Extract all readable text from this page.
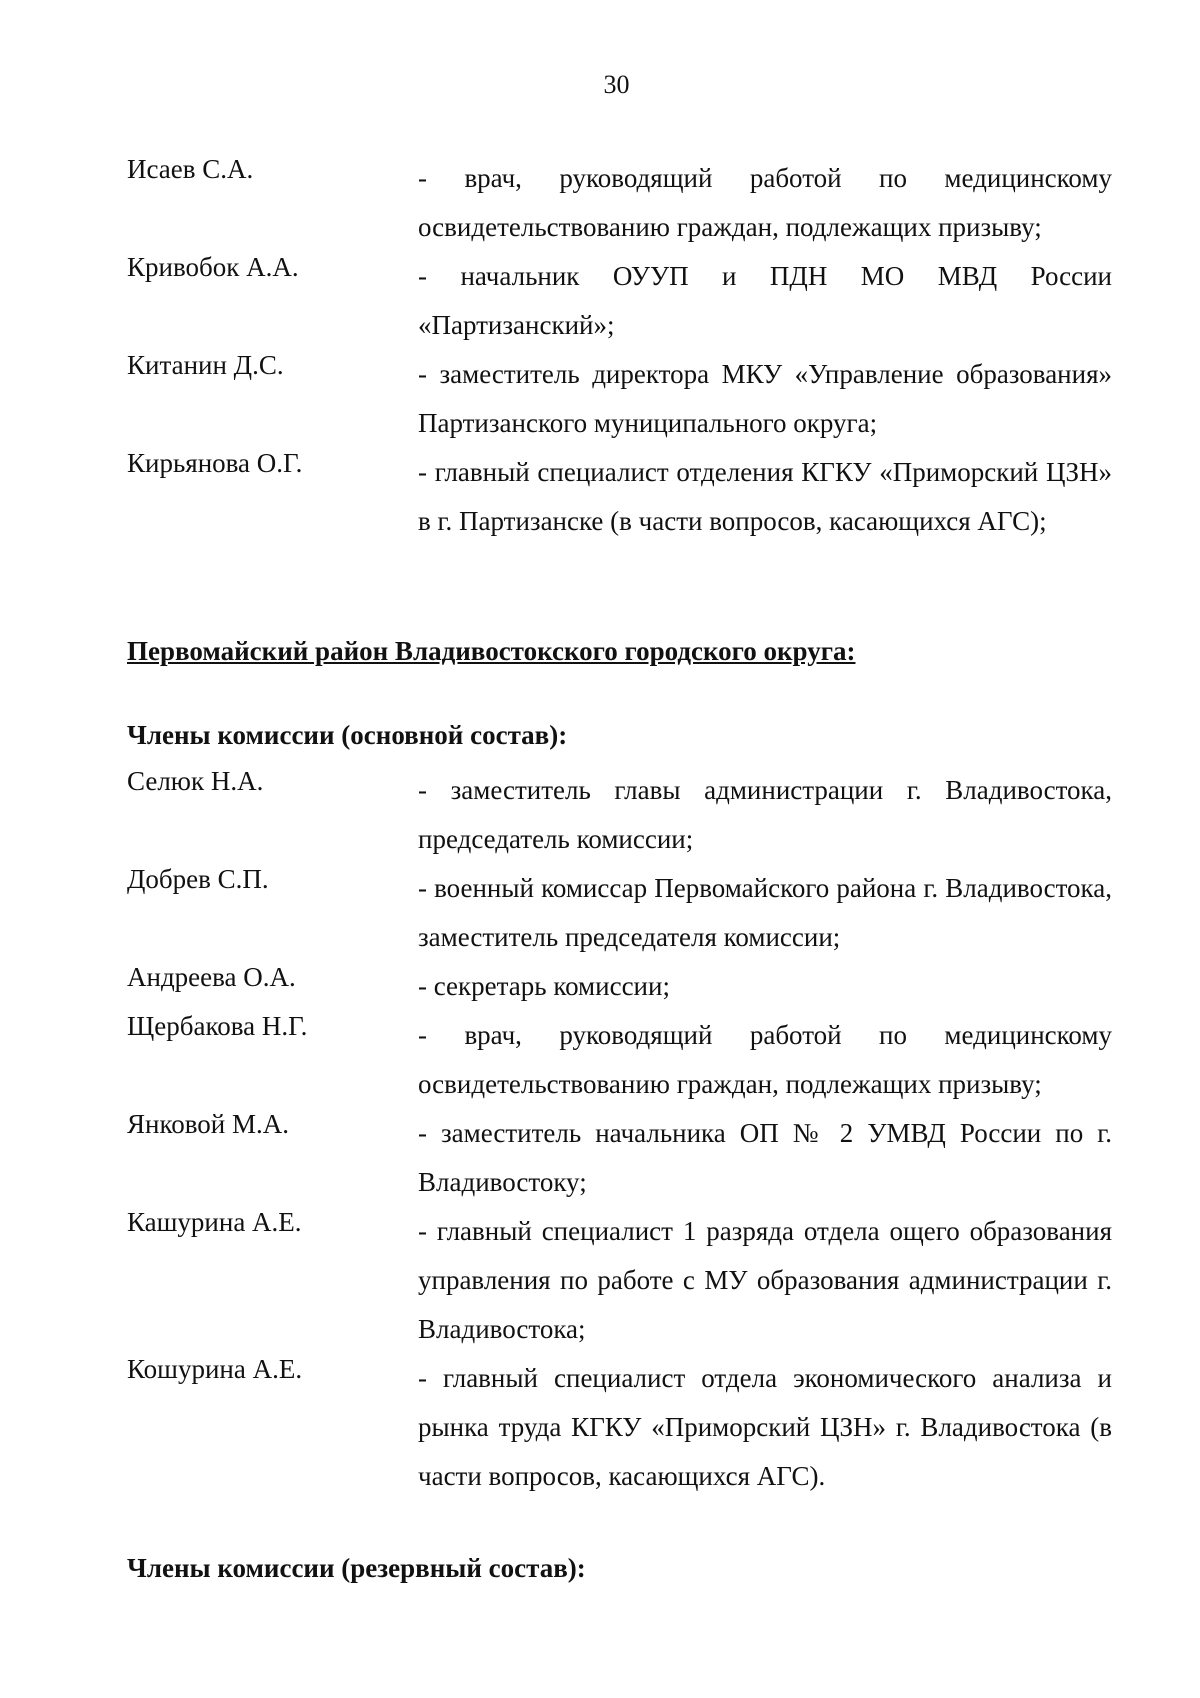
30
Исаев С.А.	- врач, руководящий работой по медицинскому освидетельствованию граждан, подлежащих призыву;
Кривобок А.А.	- начальник ОУУП и ПДН МО МВД России «Партизанский»;
Китанин Д.С.	- заместитель директора МКУ «Управление образования» Партизанского муниципального округа;
Кирьянова О.Г.	- главный специалист отделения КГКУ «Приморский ЦЗН» в г. Партизанске (в части вопросов, касающихся АГС);
Первомайский район Владивостокского городского округа:
Члены комиссии (основной состав):
Селюк Н.А.	- заместитель главы администрации г. Владивостока, председатель комиссии;
Добрев С.П.	- военный комиссар Первомайского района г. Владивостока, заместитель председателя комиссии;
Андреева О.А.	- секретарь комиссии;
Щербакова Н.Г.	- врач, руководящий работой по медицинскому освидетельствованию граждан, подлежащих призыву;
Янковой М.А.	- заместитель начальника ОП № 2 УМВД России по г. Владивостоку;
Кашурина А.Е.	- главный специалист 1 разряда отдела ощего образования управления по работе с МУ образования администрации г. Владивостока;
Кошурина А.Е.	- главный специалист отдела экономического анализа и рынка труда КГКУ «Приморский ЦЗН» г. Владивостока (в части вопросов, касающихся АГС).
Члены комиссии (резервный состав):
